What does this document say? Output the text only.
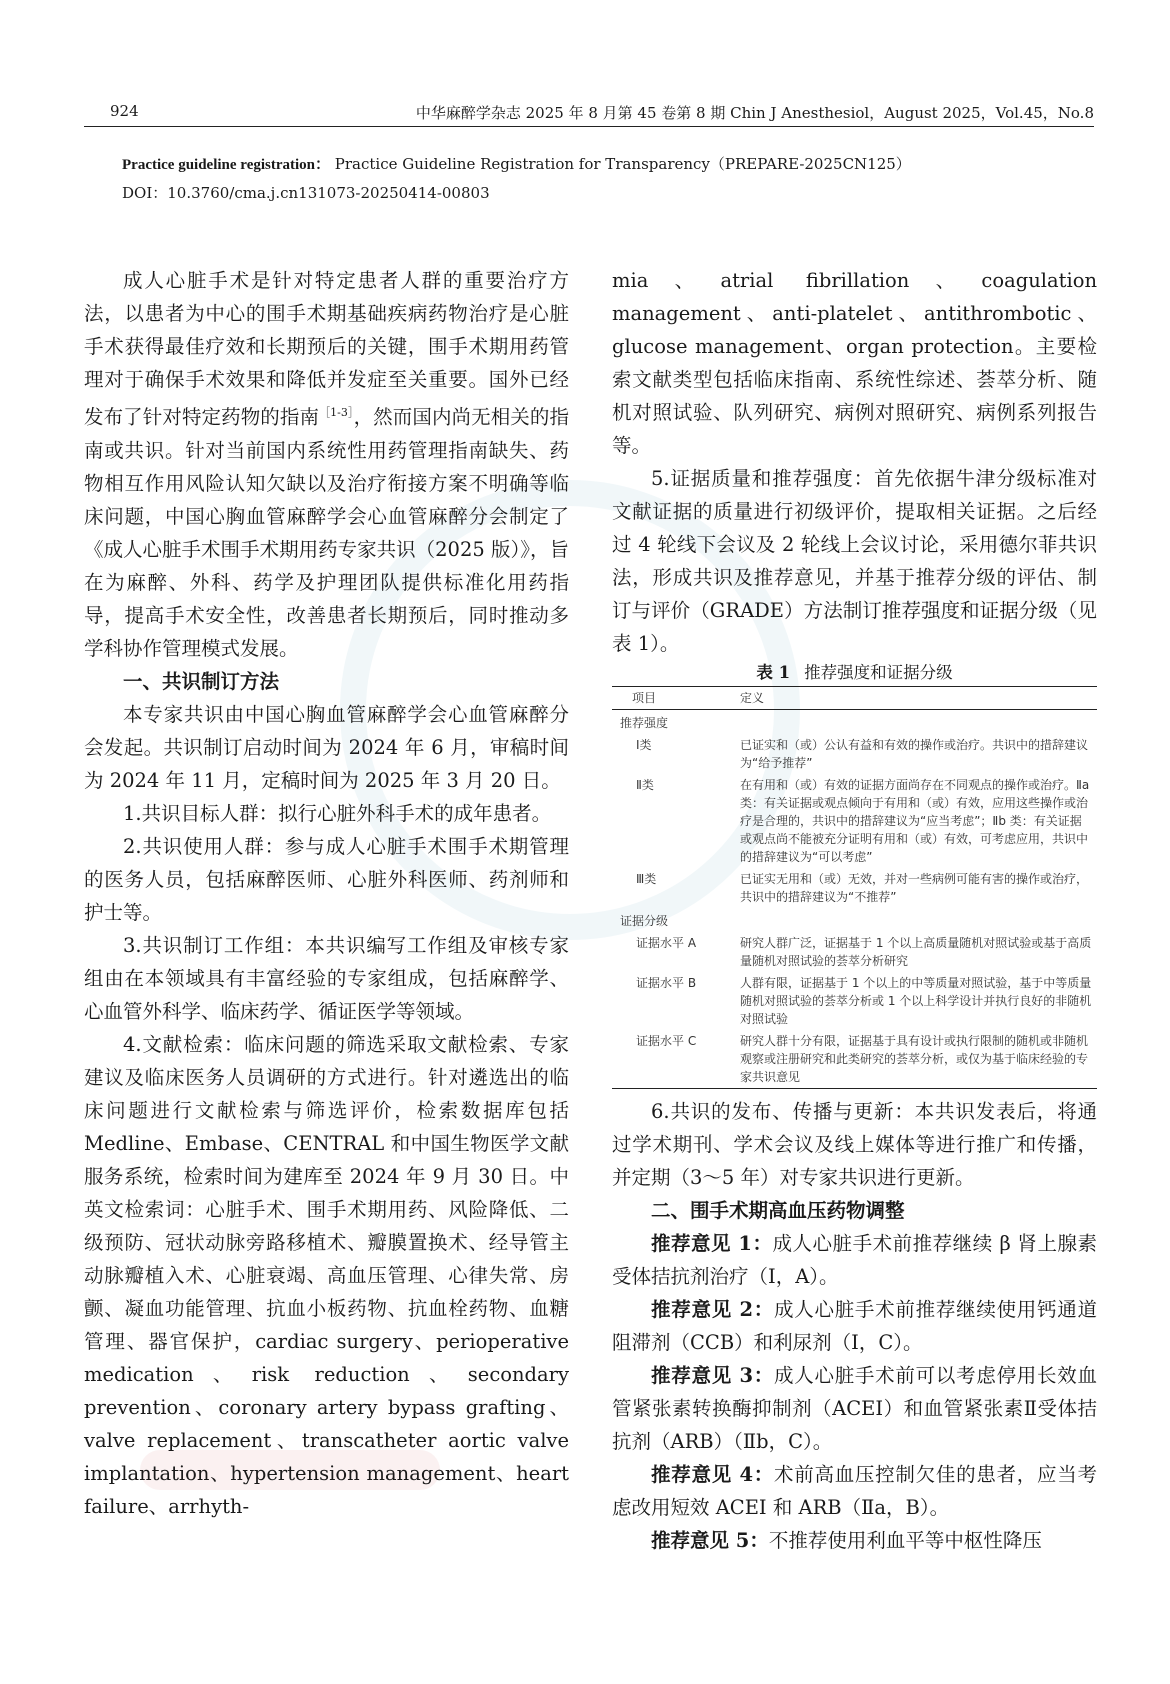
924	中华麻醉学杂志 2025 年 8 月第 45 卷第 8 期 Chin J Anesthesiol，August 2025，Vol.45，No.8
Practice guideline registration： Practice Guideline Registration for Transparency（PREPARE-2025CN125）
DOI：10.3760/cma.j.cn131073-20250414-00803

成人心脏手术是针对特定患者人群的重要治疗方法，以患者为中心的围手术期基础疾病药物治疗是心脏手术获得最佳疗效和长期预后的关键，围手术期用药管理对于确保手术效果和降低并发症至关重要。国外已经发布了针对特定药物的指南$^{[1-3]}$，然而国内尚无相关的指南或共识。针对当前国内系统性用药管理指南缺失、药物相互作用风险认知欠缺以及治疗衔接方案不明确等临床问题，中国心胸血管麻醉学会心血管麻醉分会制定了《成人心脏手术围手术期用药专家共识（2025 版）》，旨在为麻醉、外科、药学及护理团队提供标准化用药指导，提高手术安全性，改善患者长期预后，同时推动多学科协作管理模式发展。

一、共识制订方法

本专家共识由中国心胸血管麻醉学会心血管麻醉分会发起。共识制订启动时间为 2024 年 6 月，审稿时间为 2024 年 11 月，定稿时间为 2025 年 3 月 20 日。

1.共识目标人群：拟行心脏外科手术的成年患者。

2.共识使用人群：参与成人心脏手术围手术期管理的医务人员，包括麻醉医师、心脏外科医师、药剂师和护士等。

3.共识制订工作组：本共识编写工作组及审核专家组由在本领域具有丰富经验的专家组成，包括麻醉学、心血管外科学、临床药学、循证医学等领域。

4.文献检索：临床问题的筛选采取文献检索、专家建议及临床医务人员调研的方式进行。针对遴选出的临床问题进行文献检索与筛选评价，检索数据库包括 Medline、Embase、CENTRAL 和中国生物医学文献服务系统，检索时间为建库至 2024 年 9 月 30 日。中英文检索词：心脏手术、围手术期用药、风险降低、二级预防、冠状动脉旁路移植术、瓣膜置换术、经导管主动脉瓣植入术、心脏衰竭、高血压管理、心律失常、房颤、凝血功能管理、抗血小板药物、抗血栓药物、血糖管理、器官保护，cardiac surgery、perioperative medication、risk reduction、secondary prevention、coronary artery bypass grafting、valve replacement、transcatheter aortic valve implantation、hypertension management、heart failure、arrhyth-

mia、atrial fibrillation、coagulation management、anti-platelet、antithrombotic、glucose management、organ protection。主要检索文献类型包括临床指南、系统性综述、荟萃分析、随机对照试验、队列研究、病例对照研究、病例系列报告等。

5.证据质量和推荐强度：首先依据牛津分级标准对文献证据的质量进行初级评价，提取相关证据。之后经过 4 轮线下会议及 2 轮线上会议讨论，采用德尔菲共识法，形成共识及推荐意见，并基于推荐分级的评估、制订与评价（GRADE）方法制订推荐强度和证据分级（见表 1）。

表 1 推荐强度和证据分级

项目	定义
推荐强度	
Ⅰ类	已证实和（或）公认有益和有效的操作或治疗。共识中的措辞建议为“给予推荐”
Ⅱ类	在有用和（或）有效的证据方面尚存在不同观点的操作或治疗。Ⅱa 类：有关证据或观点倾向于有用和（或）有效，应用这些操作或治疗是合理的，共识中的措辞建议为“应当考虑”；Ⅱb 类：有关证据或观点尚不能被充分证明有用和（或）有效，可考虑应用，共识中的措辞建议为“可以考虑”
Ⅲ类	已证实无用和（或）无效，并对一些病例可能有害的操作或治疗，共识中的措辞建议为“不推荐”
证据分级	
证据水平 A	研究人群广泛，证据基于 1 个以上高质量随机对照试验或基于高质量随机对照试验的荟萃分析研究
证据水平 B	人群有限，证据基于 1 个以上的中等质量对照试验，基于中等质量随机对照试验的荟萃分析或 1 个以上科学设计并执行良好的非随机对照试验
证据水平 C	研究人群十分有限，证据基于具有设计或执行限制的随机或非随机观察或注册研究和此类研究的荟萃分析，或仅为基于临床经验的专家共识意见

6.共识的发布、传播与更新：本共识发表后，将通过学术期刊、学术会议及线上媒体等进行推广和传播，并定期（3～5 年）对专家共识进行更新。

二、围手术期高血压药物调整

推荐意见 1：成人心脏手术前推荐继续 β 肾上腺素受体拮抗剂治疗（Ⅰ，A）。

推荐意见 2：成人心脏手术前推荐继续使用钙通道阻滞剂（CCB）和利尿剂（Ⅰ，C）。

推荐意见 3：成人心脏手术前可以考虑停用长效血管紧张素转换酶抑制剂（ACEI）和血管紧张素Ⅱ受体拮抗剂（ARB）（Ⅱb，C）。

推荐意见 4：术前高血压控制欠佳的患者，应当考虑改用短效 ACEI 和 ARB（Ⅱa，B）。

推荐意见 5：不推荐使用利血平等中枢性降压
